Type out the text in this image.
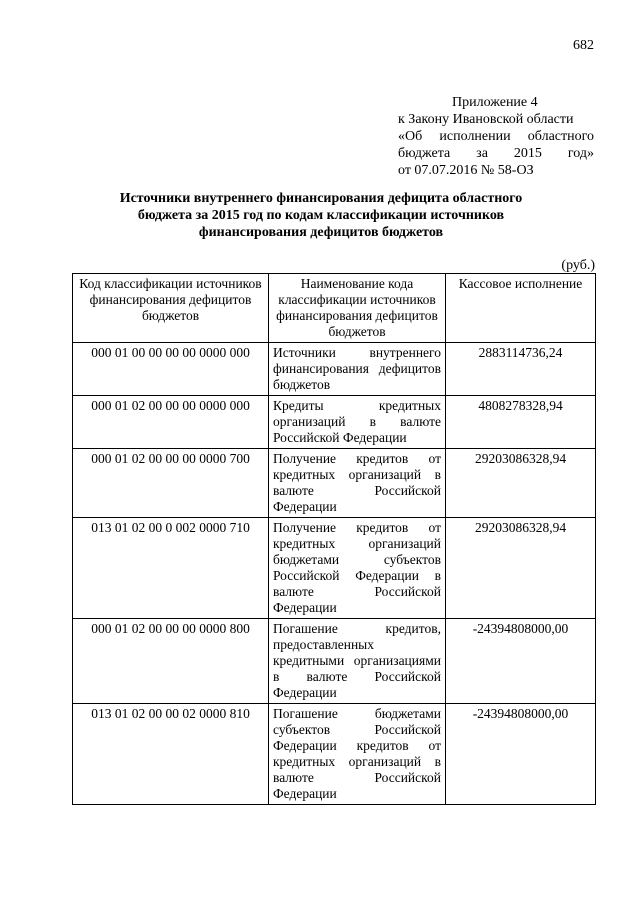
682
Приложение 4
к Закону Ивановской области
«Об исполнении областного
бюджета за 2015 год»
от 07.07.2016 № 58-ОЗ
Источники внутреннего финансирования дефицита областного бюджета за 2015 год по кодам классификации источников финансирования дефицитов бюджетов
(руб.)
Код классификации источников финансирования дефицитов бюджетов	Наименование кода классификации источников финансирования дефицитов бюджетов	Кассовое исполнение
000 01 00 00 00 00 0000 000	Источники внутреннего финансирования дефицитов бюджетов	2883114736,24
000 01 02 00 00 00 0000 000	Кредиты кредитных организаций в валюте Российской Федерации	4808278328,94
000 01 02 00 00 00 0000 700	Получение кредитов от кредитных организаций в валюте Российской Федерации	29203086328,94
013 01 02 00 0 002 0000 710	Получение кредитов от кредитных организаций бюджетами субъектов Российской Федерации в валюте Российской Федерации	29203086328,94
000 01 02 00 00 00 0000 800	Погашение кредитов, предоставленных кредитными организациями в валюте Российской Федерации	-24394808000,00
013 01 02 00 00 02 0000 810	Погашение бюджетами субъектов Российской Федерации кредитов от кредитных организаций в валюте Российской Федерации	-24394808000,00
